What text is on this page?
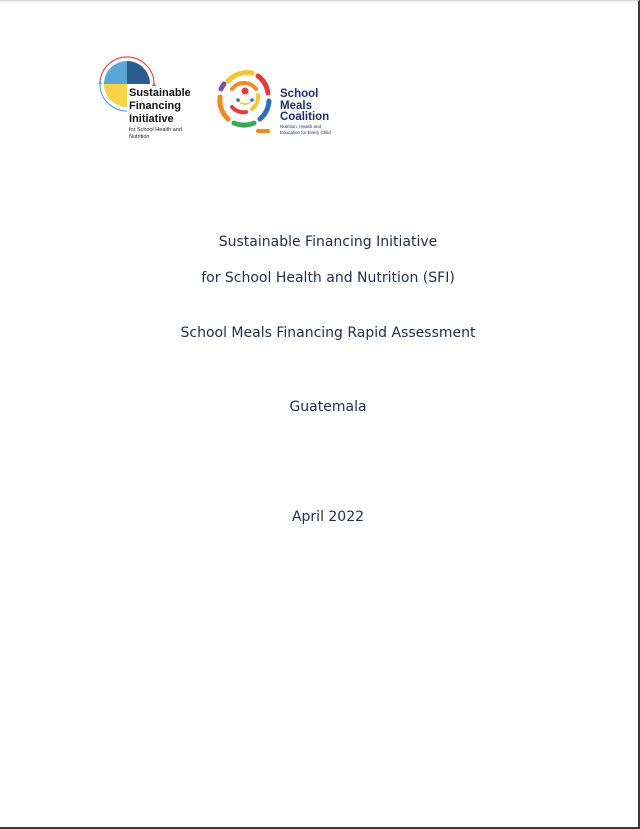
Sustainable
Financing
Initiative
for School Health and
Nutrition
School
Meals
Coalition
Nutrition, Health and
Education for Every Child
Sustainable Financing Initiative
for School Health and Nutrition (SFI)
School Meals Financing Rapid Assessment
Guatemala
April 2022
